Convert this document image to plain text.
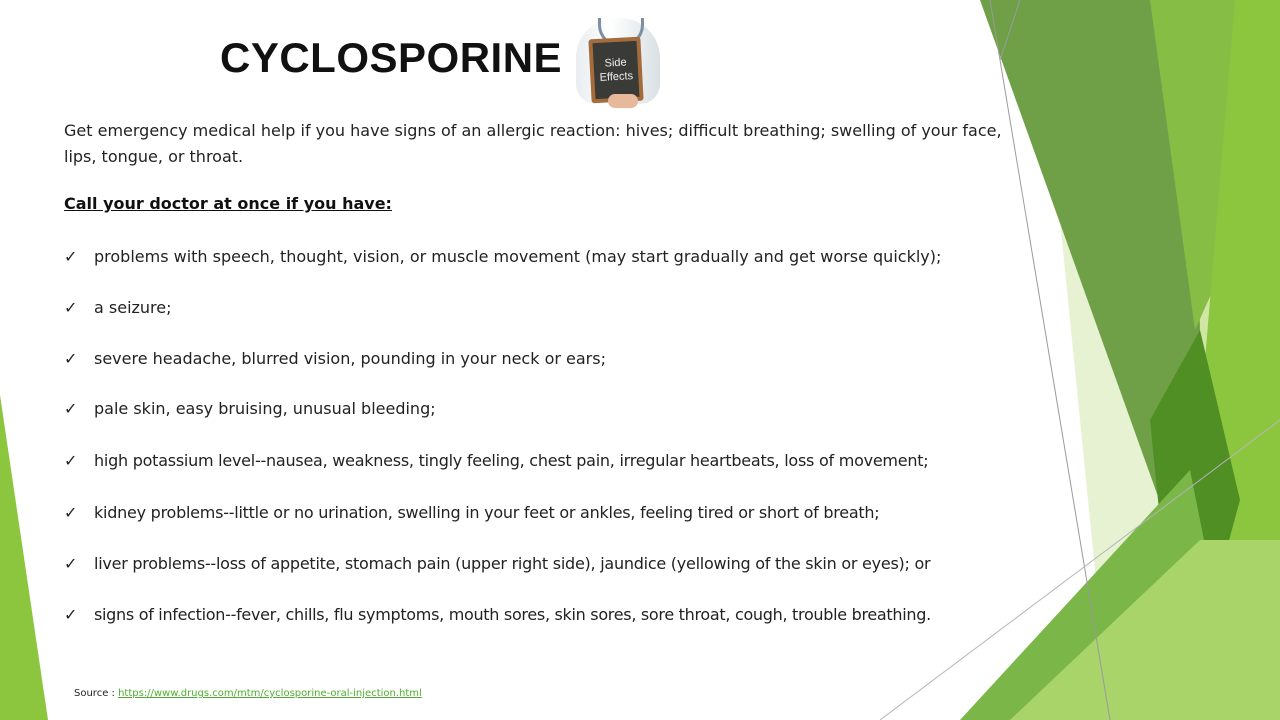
CYCLOSPORINE	Side
Effects
Get emergency medical help if you have signs of an allergic reaction: hives; difficult breathing; swelling of your face, lips, tongue, or throat.
Call your doctor at once if you have:
✓ problems with speech, thought, vision, or muscle movement (may start gradually and get worse quickly);
✓ a seizure;
✓ severe headache, blurred vision, pounding in your neck or ears;
✓ pale skin, easy bruising, unusual bleeding;
✓ high potassium level--nausea, weakness, tingly feeling, chest pain, irregular heartbeats, loss of movement;
✓ kidney problems--little or no urination, swelling in your feet or ankles, feeling tired or short of breath;
✓ liver problems--loss of appetite, stomach pain (upper right side), jaundice (yellowing of the skin or eyes); or
✓ signs of infection--fever, chills, flu symptoms, mouth sores, skin sores, sore throat, cough, trouble breathing.
Source : https://www.drugs.com/mtm/cyclosporine-oral-injection.html
